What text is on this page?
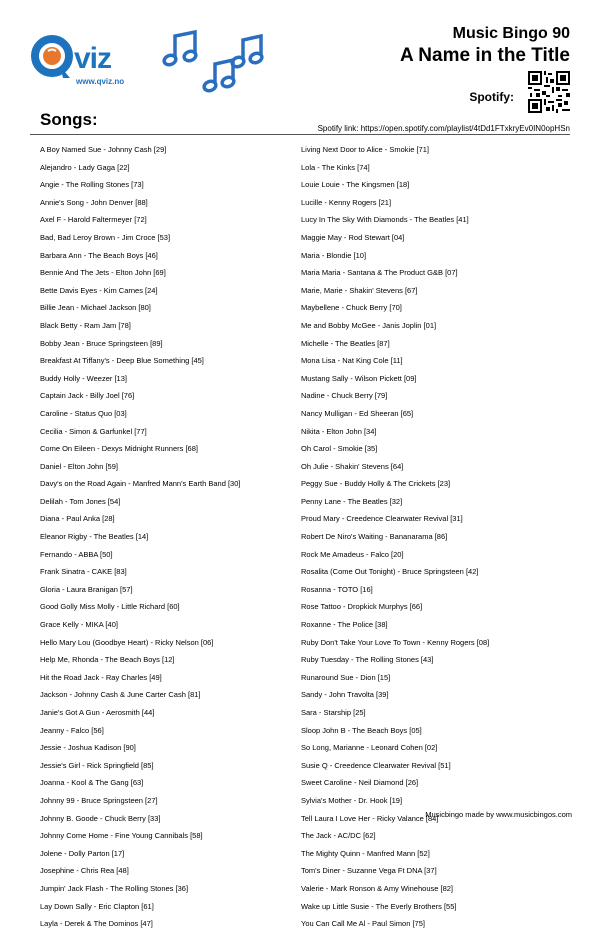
viz
www.qviz.no
Music Bingo 90
A Name in the Title
Spotify:
Songs:	Spotify link: https://open.spotify.com/playlist/4tDd1FTxkryEv0IN0opHSn
A Boy Named Sue - Johnny Cash [29]
Alejandro - Lady Gaga [22]
Angie - The Rolling Stones [73]
Annie's Song - John Denver [88]
Axel F - Harold Faltermeyer [72]
Bad, Bad Leroy Brown - Jim Croce [53]
Barbara Ann - The Beach Boys [46]
Bennie And The Jets - Elton John [69]
Bette Davis Eyes - Kim Carnes [24]
Billie Jean - Michael Jackson [80]
Black Betty - Ram Jam [78]
Bobby Jean - Bruce Springsteen [89]
Breakfast At Tiffany's - Deep Blue Something [45]
Buddy Holly - Weezer [13]
Captain Jack - Billy Joel [76]
Caroline - Status Quo [03]
Cecilia - Simon & Garfunkel [77]
Come On Eileen - Dexys Midnight Runners [68]
Daniel - Elton John [59]
Davy's on the Road Again - Manfred Mann's Earth Band [30]
Delilah - Tom Jones [54]
Diana - Paul Anka [28]
Eleanor Rigby - The Beatles [14]
Fernando - ABBA [50]
Frank Sinatra - CAKE [83]
Gloria - Laura Branigan [57]
Good Golly Miss Molly - Little Richard [60]
Grace Kelly - MIKA [40]
Hello Mary Lou (Goodbye Heart) - Ricky Nelson [06]
Help Me, Rhonda - The Beach Boys [12]
Hit the Road Jack - Ray Charles [49]
Jackson - Johnny Cash & June Carter Cash [81]
Janie's Got A Gun - Aerosmith [44]
Jeanny - Falco [56]
Jessie - Joshua Kadison [90]
Jessie's Girl - Rick Springfield [85]
Joanna - Kool & The Gang [63]
Johnny 99 - Bruce Springsteen [27]
Johnny B. Goode - Chuck Berry [33]
Johnny Come Home - Fine Young Cannibals [58]
Jolene - Dolly Parton [17]
Josephine - Chris Rea [48]
Jumpin' Jack Flash - The Rolling Stones [36]
Lay Down Sally - Eric Clapton [61]
Layla - Derek & The Dominos [47]
Living Next Door to Alice - Smokie [71]
Lola - The Kinks [74]
Louie Louie - The Kingsmen [18]
Lucille - Kenny Rogers [21]
Lucy In The Sky With Diamonds - The Beatles [41]
Maggie May - Rod Stewart [04]
Maria - Blondie [10]
Maria Maria - Santana & The Product G&B [07]
Marie, Marie - Shakin' Stevens [67]
Maybellene - Chuck Berry [70]
Me and Bobby McGee - Janis Joplin [01]
Michelle - The Beatles [87]
Mona Lisa - Nat King Cole [11]
Mustang Sally - Wilson Pickett [09]
Nadine - Chuck Berry [79]
Nancy Mulligan - Ed Sheeran [65]
Nikita - Elton John [34]
Oh Carol - Smokie [35]
Oh Julie - Shakin' Stevens [64]
Peggy Sue - Buddy Holly & The Crickets [23]
Penny Lane - The Beatles [32]
Proud Mary - Creedence Clearwater Revival [31]
Robert De Niro's Waiting - Bananarama [86]
Rock Me Amadeus - Falco [20]
Rosalita (Come Out Tonight) - Bruce Springsteen [42]
Rosanna - TOTO [16]
Rose Tattoo - Dropkick Murphys [66]
Roxanne - The Police [38]
Ruby Don't Take Your Love To Town - Kenny Rogers [08]
Ruby Tuesday - The Rolling Stones [43]
Runaround Sue - Dion [15]
Sandy - John Travolta [39]
Sara - Starship [25]
Sloop John B - The Beach Boys [05]
So Long, Marianne - Leonard Cohen [02]
Susie Q - Creedence Clearwater Revival [51]
Sweet Caroline - Neil Diamond [26]
Sylvia's Mother - Dr. Hook [19]
Tell Laura I Love Her - Ricky Valance [84]
The Jack - AC/DC [62]
The Mighty Quinn - Manfred Mann [52]
Tom's Diner - Suzanne Vega Ft DNA [37]
Valerie - Mark Ronson & Amy Winehouse [82]
Wake up Little Susie - The Everly Brothers [55]
You Can Call Me Al - Paul Simon [75]
Musicbingo made by www.musicbingos.com
